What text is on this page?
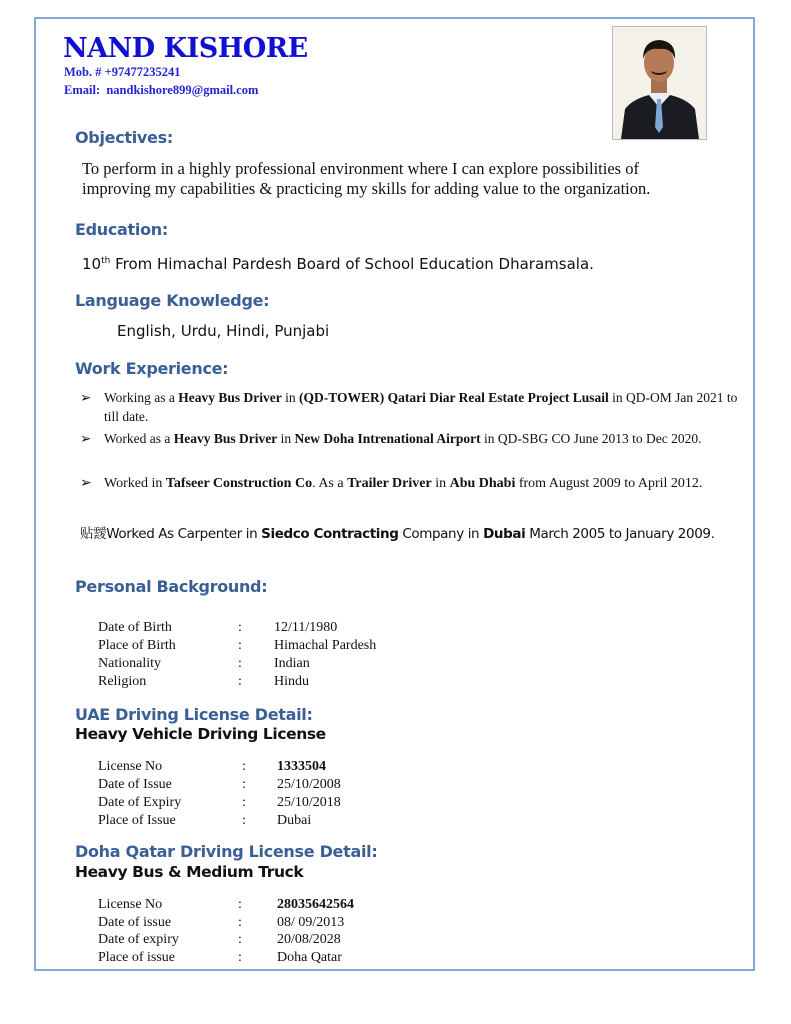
NAND KISHORE
Mob. # +97477235241
Email:  nandkishore899@gmail.com
Objectives:
To perform in a highly professional environment where I can explore possibilities of
improving my capabilities & practicing my skills for adding value to the organization.
Education:
10th From Himachal Pardesh Board of School Education Dharamsala.
Language Knowledge:
English, Urdu, Hindi, Punjabi
Work Experience:
➢ Working as a Heavy Bus Driver in (QD-TOWER) Qatari Diar Real Estate Project Lusail in QD-OM Jan 2021 to till date.
➢ Worked as a Heavy Bus Driver in New Doha Intrenational Airport in QD-SBG CO June 2013 to Dec 2020.
➢ Worked in Tafseer Construction Co. As a Trailer Driver in Abu Dhabi from August 2009 to April 2012.
贴靉Worked As Carpenter in Siedco Contracting Company in Dubai March 2005 to January 2009.
Personal Background:
Date of Birth	: 12/11/1980
Place of Birth	: Himachal Pardesh
Nationality	: Indian
Religion	: Hindu
UAE Driving License Detail:
Heavy Vehicle Driving License
License No	: 1333504
Date of Issue	: 25/10/2008
Date of Expiry	: 25/10/2018
Place of Issue	: Dubai
Doha Qatar Driving License Detail:
Heavy Bus & Medium Truck
License No	:	28035642564
Date of issue	:	08/ 09/2013
Date of expiry	:	20/08/2028
Place of issue	:	Doha Qatar
